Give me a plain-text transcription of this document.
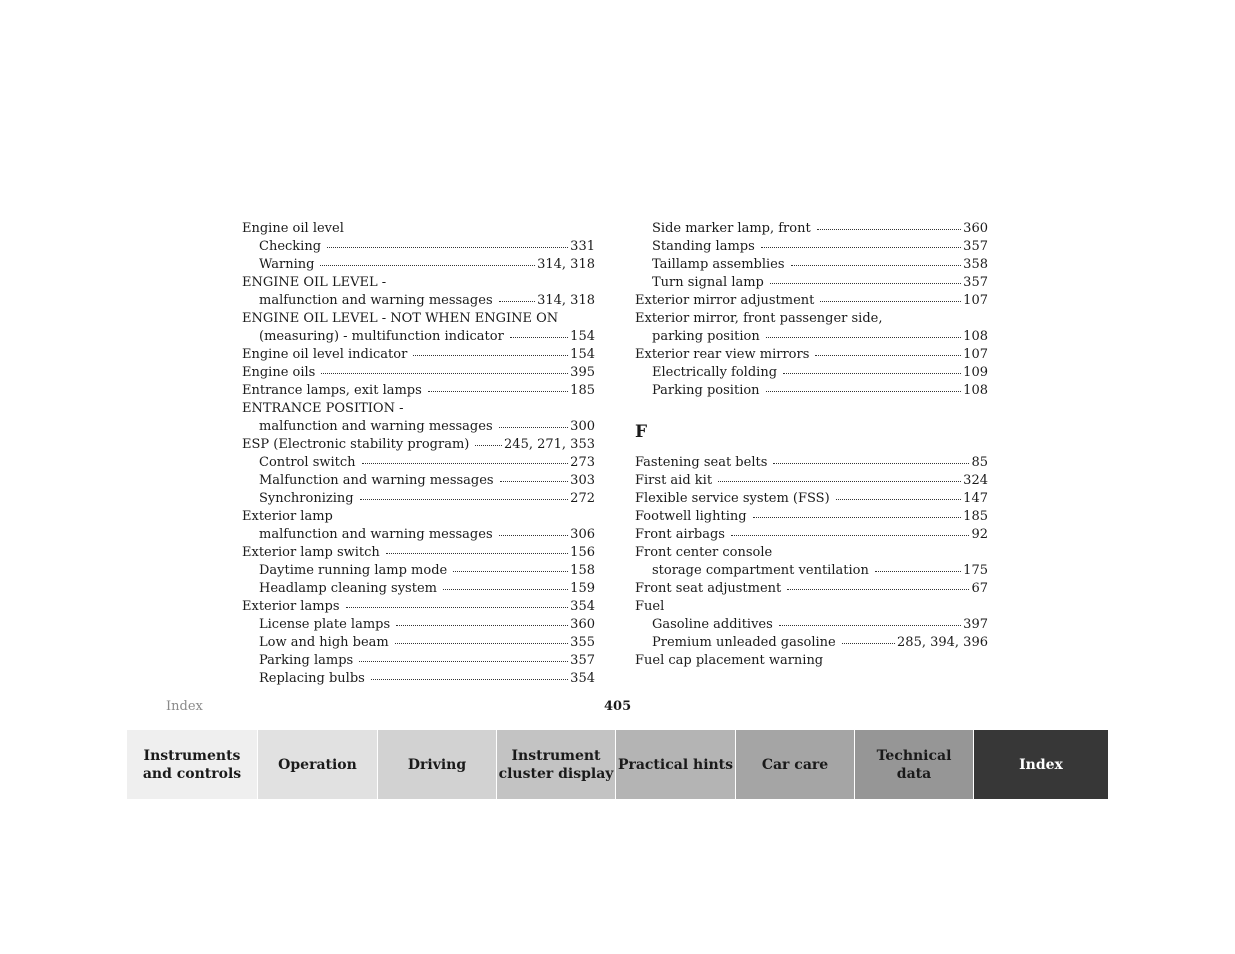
Engine oil level
Checking	331
Warning	314, 318
ENGINE OIL LEVEL -
malfunction and warning messages	314, 318
ENGINE OIL LEVEL - NOT WHEN ENGINE ON
(measuring) - multifunction indicator	154
Engine oil level indicator	154
Engine oils	395
Entrance lamps, exit lamps	185
ENTRANCE POSITION -
malfunction and warning messages	300
ESP (Electronic stability program)	245, 271, 353
Control switch	273
Malfunction and warning messages	303
Synchronizing	272
Exterior lamp
malfunction and warning messages	306
Exterior lamp switch	156
Daytime running lamp mode	158
Headlamp cleaning system	159
Exterior lamps	354
License plate lamps	360
Low and high beam	355
Parking lamps	357
Replacing bulbs	354
Side marker lamp, front	360
Standing lamps	357
Taillamp assemblies	358
Turn signal lamp	357
Exterior mirror adjustment	107
Exterior mirror, front passenger side,
parking position	108
Exterior rear view mirrors	107
Electrically folding	109
Parking position	108
F
Fastening seat belts	85
First aid kit	324
Flexible service system (FSS)	147
Footwell lighting	185
Front airbags	92
Front center console
storage compartment ventilation	175
Front seat adjustment	67
Fuel
Gasoline additives	397
Premium unleaded gasoline	285, 394, 396
Fuel cap placement warning
Index	405
Instruments
and controls
Operation	Driving
Instrument
cluster display
Practical hints	Car care
Technical
data
Index
